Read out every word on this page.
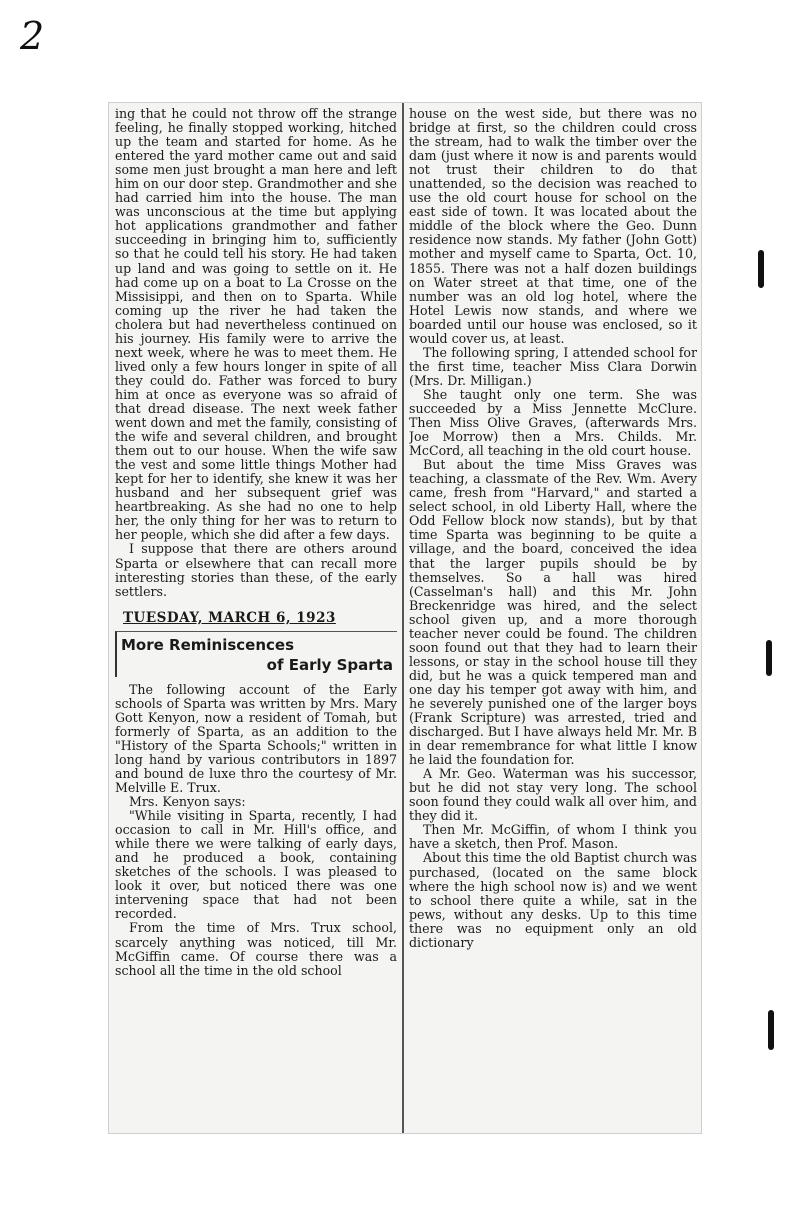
2

ing that he could not throw off the strange feeling, he finally stopped working, hitched up the team and started for home. As he entered the yard mother came out and said some men just brought a man here and left him on our door step. Grandmother and she had carried him into the house. The man was unconscious at the time but applying hot applications grandmother and father succeeding in bringing him to, sufficiently so that he could tell his story. He had taken up land and was going to settle on it. He had come up on a boat to La Crosse on the Missisippi, and then on to Sparta. While coming up the river he had taken the cholera but had nevertheless continued on his journey. His family were to arrive the next week, where he was to meet them. He lived only a few hours longer in spite of all they could do. Father was forced to bury him at once as everyone was so afraid of that dread disease. The next week father went down and met the family, consisting of the wife and several children, and brought them out to our house. When the wife saw the vest and some little things Mother had kept for her to identify, she knew it was her husband and her subsequent grief was heartbreaking. As she had no one to help her, the only thing for her was to return to her people, which she did after a few days.

I suppose that there are others around Sparta or elsewhere that can recall more interesting stories than these, of the early settlers.

TUESDAY, MARCH 6, 1923
More Reminiscences
of Early Sparta

The following account of the Early schools of Sparta was written by Mrs. Mary Gott Kenyon, now a resident of Tomah, but formerly of Sparta, as an addition to the "History of the Sparta Schools;" written in long hand by various contributors in 1897 and bound de luxe thro the courtesy of Mr. Melville E. Trux.

Mrs. Kenyon says:

"While visiting in Sparta, recently, I had occasion to call in Mr. Hill's office, and while there we were talking of early days, and he produced a book, containing sketches of the schools. I was pleased to look it over, but noticed there was one intervening space that had not been recorded.

From the time of Mrs. Trux school, scarcely anything was noticed, till Mr. McGiffin came. Of course there was a school all the time in the old school

house on the west side, but there was no bridge at first, so the children could cross the stream, had to walk the timber over the dam (just where it now is and parents would not trust their children to do that unattended, so the decision was reached to use the old court house for school on the east side of town. It was located about the middle of the block where the Geo. Dunn residence now stands. My father (John Gott) mother and myself came to Sparta, Oct. 10, 1855. There was not a half dozen buildings on Water street at that time, one of the number was an old log hotel, where the Hotel Lewis now stands, and where we boarded until our house was enclosed, so it would cover us, at least.

The following spring, I attended school for the first time, teacher Miss Clara Dorwin (Mrs. Dr. Milligan.)

She taught only one term. She was succeeded by a Miss Jennette McClure. Then Miss Olive Graves, (afterwards Mrs. Joe Morrow) then a Mrs. Childs. Mr. McCord, all teaching in the old court house.

But about the time Miss Graves was teaching, a classmate of the Rev. Wm. Avery came, fresh from "Harvard," and started a select school, in old Liberty Hall, where the Odd Fellow block now stands), but by that time Sparta was beginning to be quite a village, and the board, conceived the idea that the larger pupils should be by themselves. So a hall was hired (Casselman's hall) and this Mr. John Breckenridge was hired, and the select school given up, and a more thorough teacher never could be found. The children soon found out that they had to learn their lessons, or stay in the school house till they did, but he was a quick tempered man and one day his temper got away with him, and he severely punished one of the larger boys (Frank Scripture) was arrested, tried and discharged. But I have always held Mr. Mr. B in dear remembrance for what little I know he laid the foundation for.

A Mr. Geo. Waterman was his successor, but he did not stay very long. The school soon found they could walk all over him, and they did it.

Then Mr. McGiffin, of whom I think you have a sketch, then Prof. Mason.

About this time the old Baptist church was purchased, (located on the same block where the high school now is) and we went to school there quite a while, sat in the pews, without any desks. Up to this time there was no equipment only an old dictionary
